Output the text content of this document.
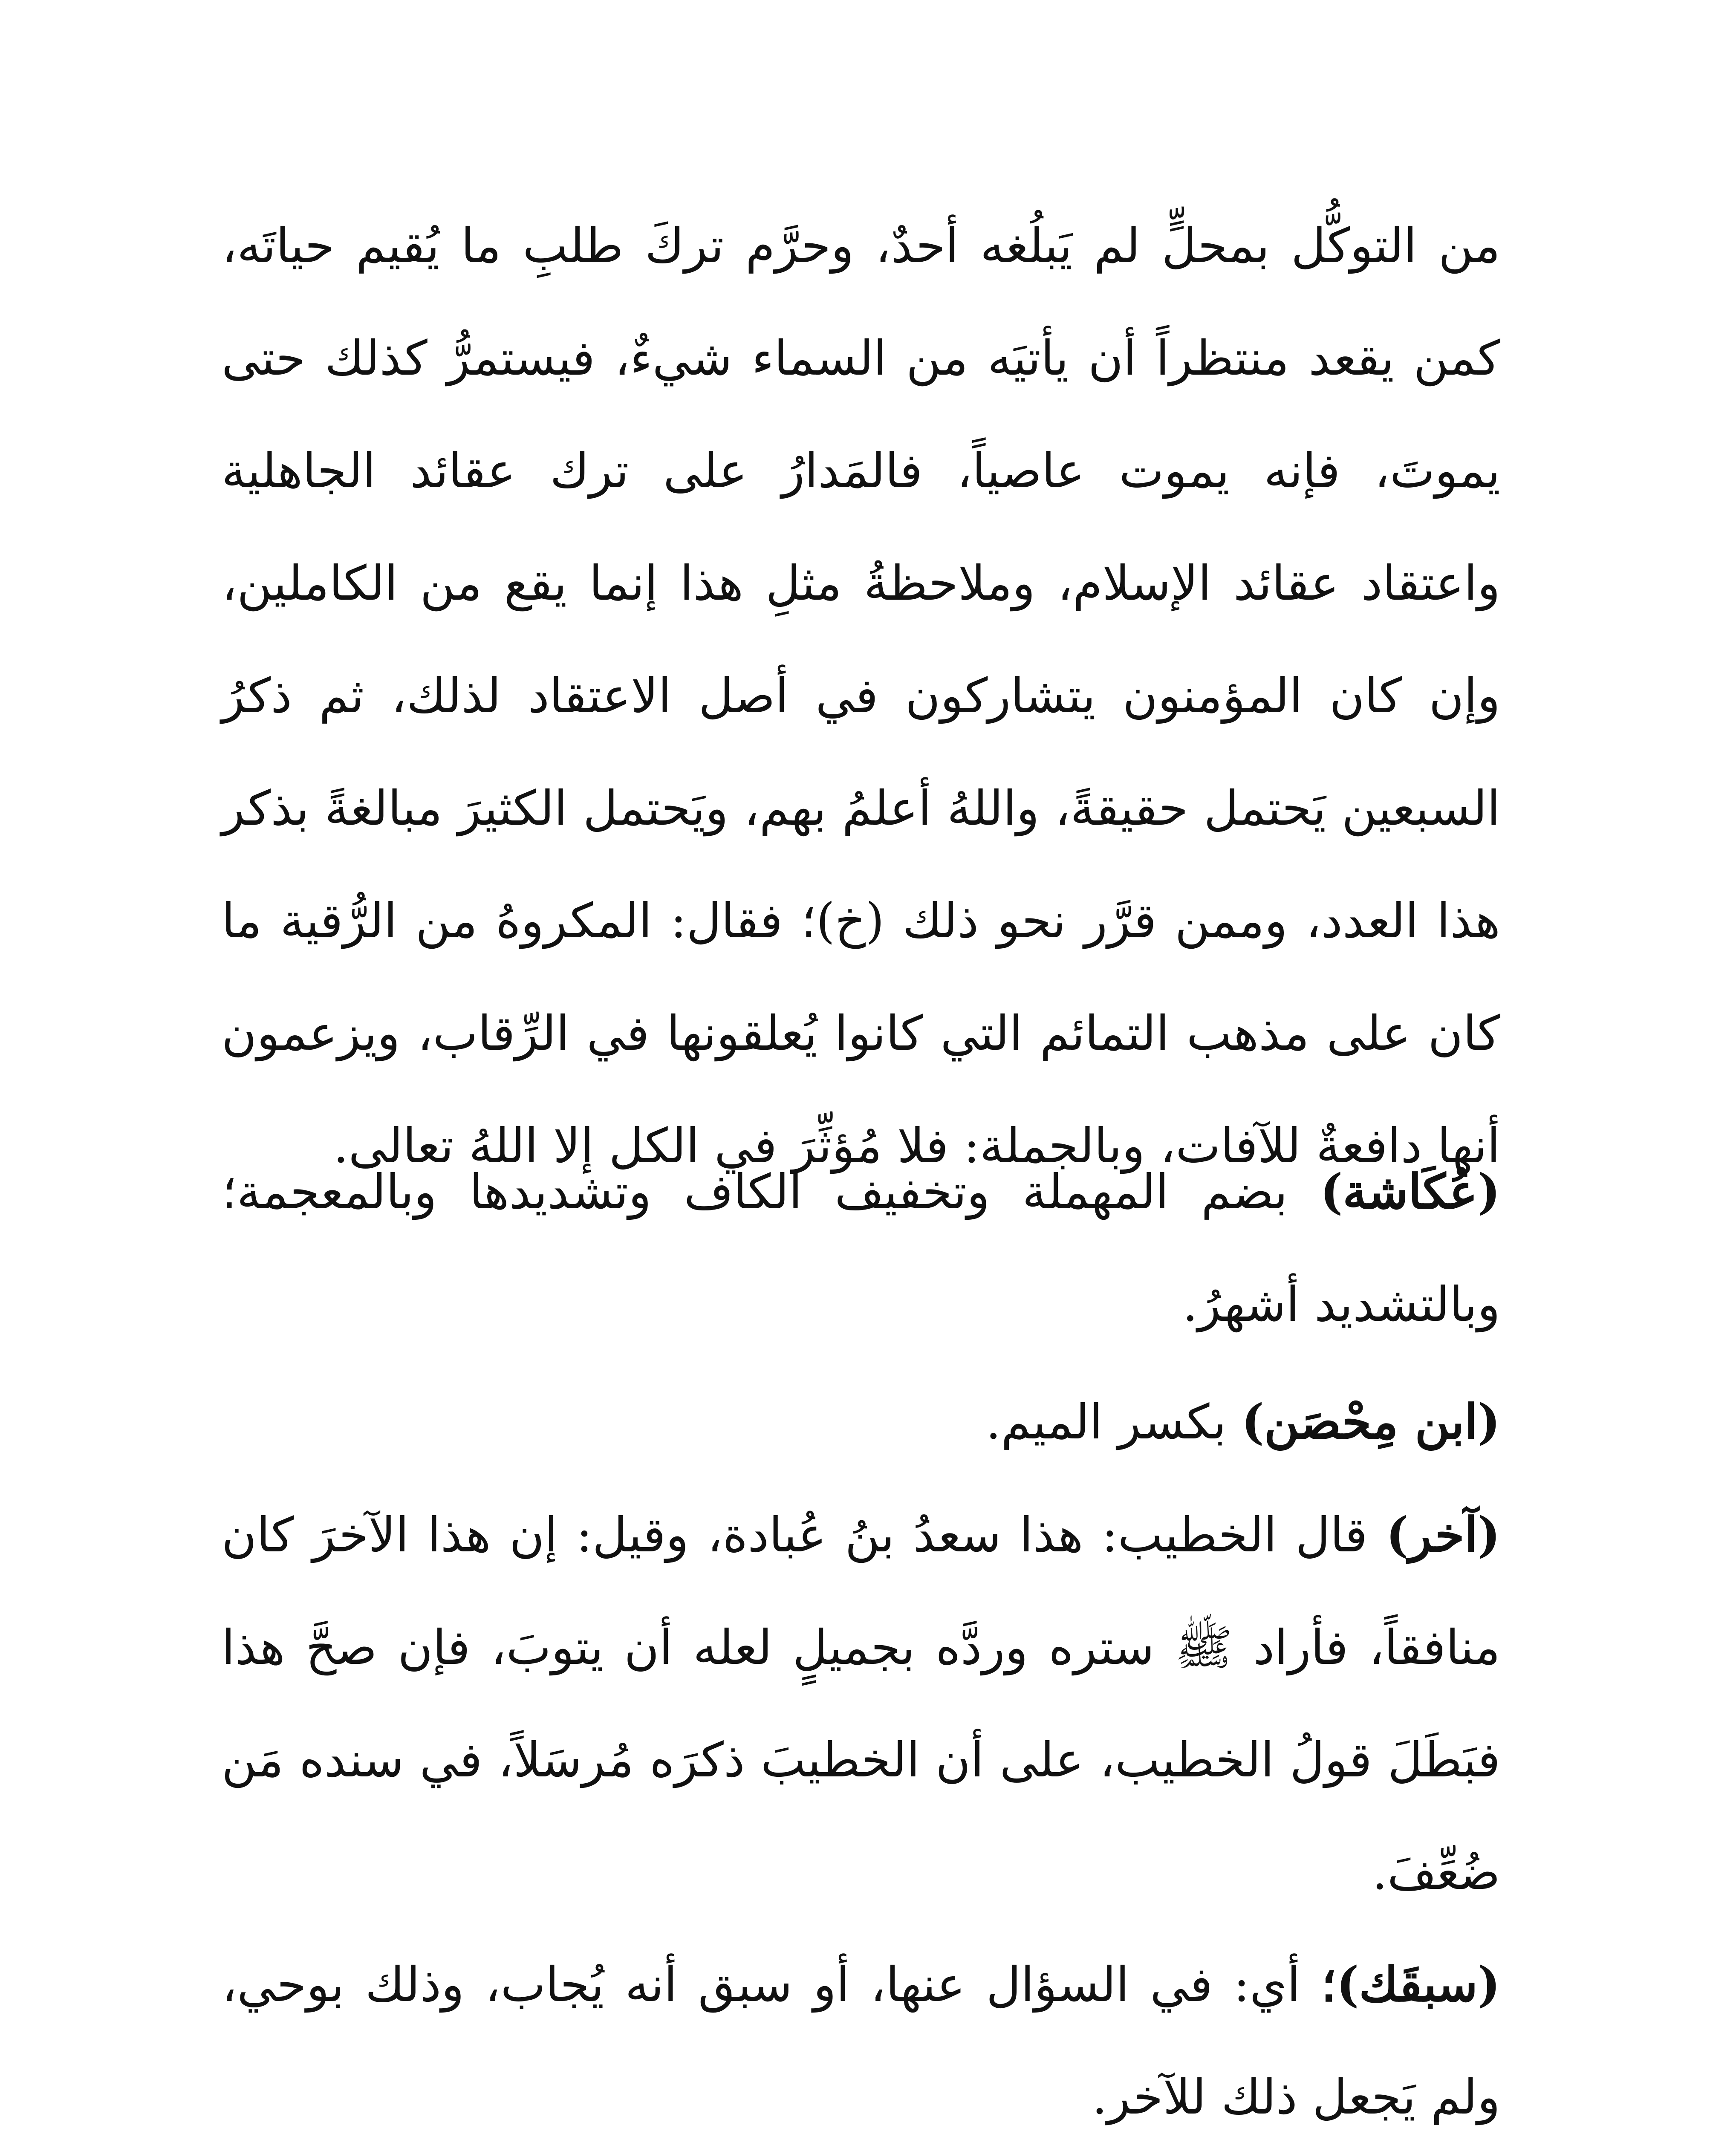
من التوكُّل بمحلٍّ لم يَبلُغه أحدٌ، وحرَّم تركَ طلبِ ما يُقيم حياتَه، كمن يقعد منتظراً أن يأتيَه من السماء شيءٌ، فيستمرُّ كذلك حتى يموتَ، فإنه يموت عاصياً، فالمَدارُ على ترك عقائد الجاهلية واعتقاد عقائد الإسلام، وملاحظةُ مثلِ هذا إنما يقع من الكاملين، وإن كان المؤمنون يتشاركون في أصل الاعتقاد لذلك، ثم ذكرُ السبعين يَحتمل حقيقةً، واللهُ أعلمُ بهم، ويَحتمل الكثيرَ مبالغةً بذكر هذا العدد، وممن قرَّر نحو ذلك (خ)؛ فقال: المكروهُ من الرُّقية ما كان على مذهب التمائم التي كانوا يُعلقونها في الرِّقاب، ويزعمون أنها دافعةٌ للآفات، وبالجملة: فلا مُؤثِّرَ في الكل إلا اللهُ تعالى.

(عُكَاشة) بضم المهملة وتخفيف الكاف وتشديدها وبالمعجمة؛ وبالتشديد أشهرُ.

(ابن مِحْصَن) بكسر الميم.

(آخر) قال الخطيب: هذا سعدُ بنُ عُبادة، وقيل: إن هذا الآخرَ كان منافقاً، فأراد ﷺ ستره وردَّه بجميلٍ لعله أن يتوبَ، فإن صحَّ هذا فبَطَلَ قولُ الخطيب، على أن الخطيبَ ذكرَه مُرسَلاً، في سنده مَن ضُعِّفَ.

(سبقَك)؛ أي: في السؤال عنها، أو سبق أنه يُجاب، وذلك بوحي، ولم يَجعل ذلك للآخر.
